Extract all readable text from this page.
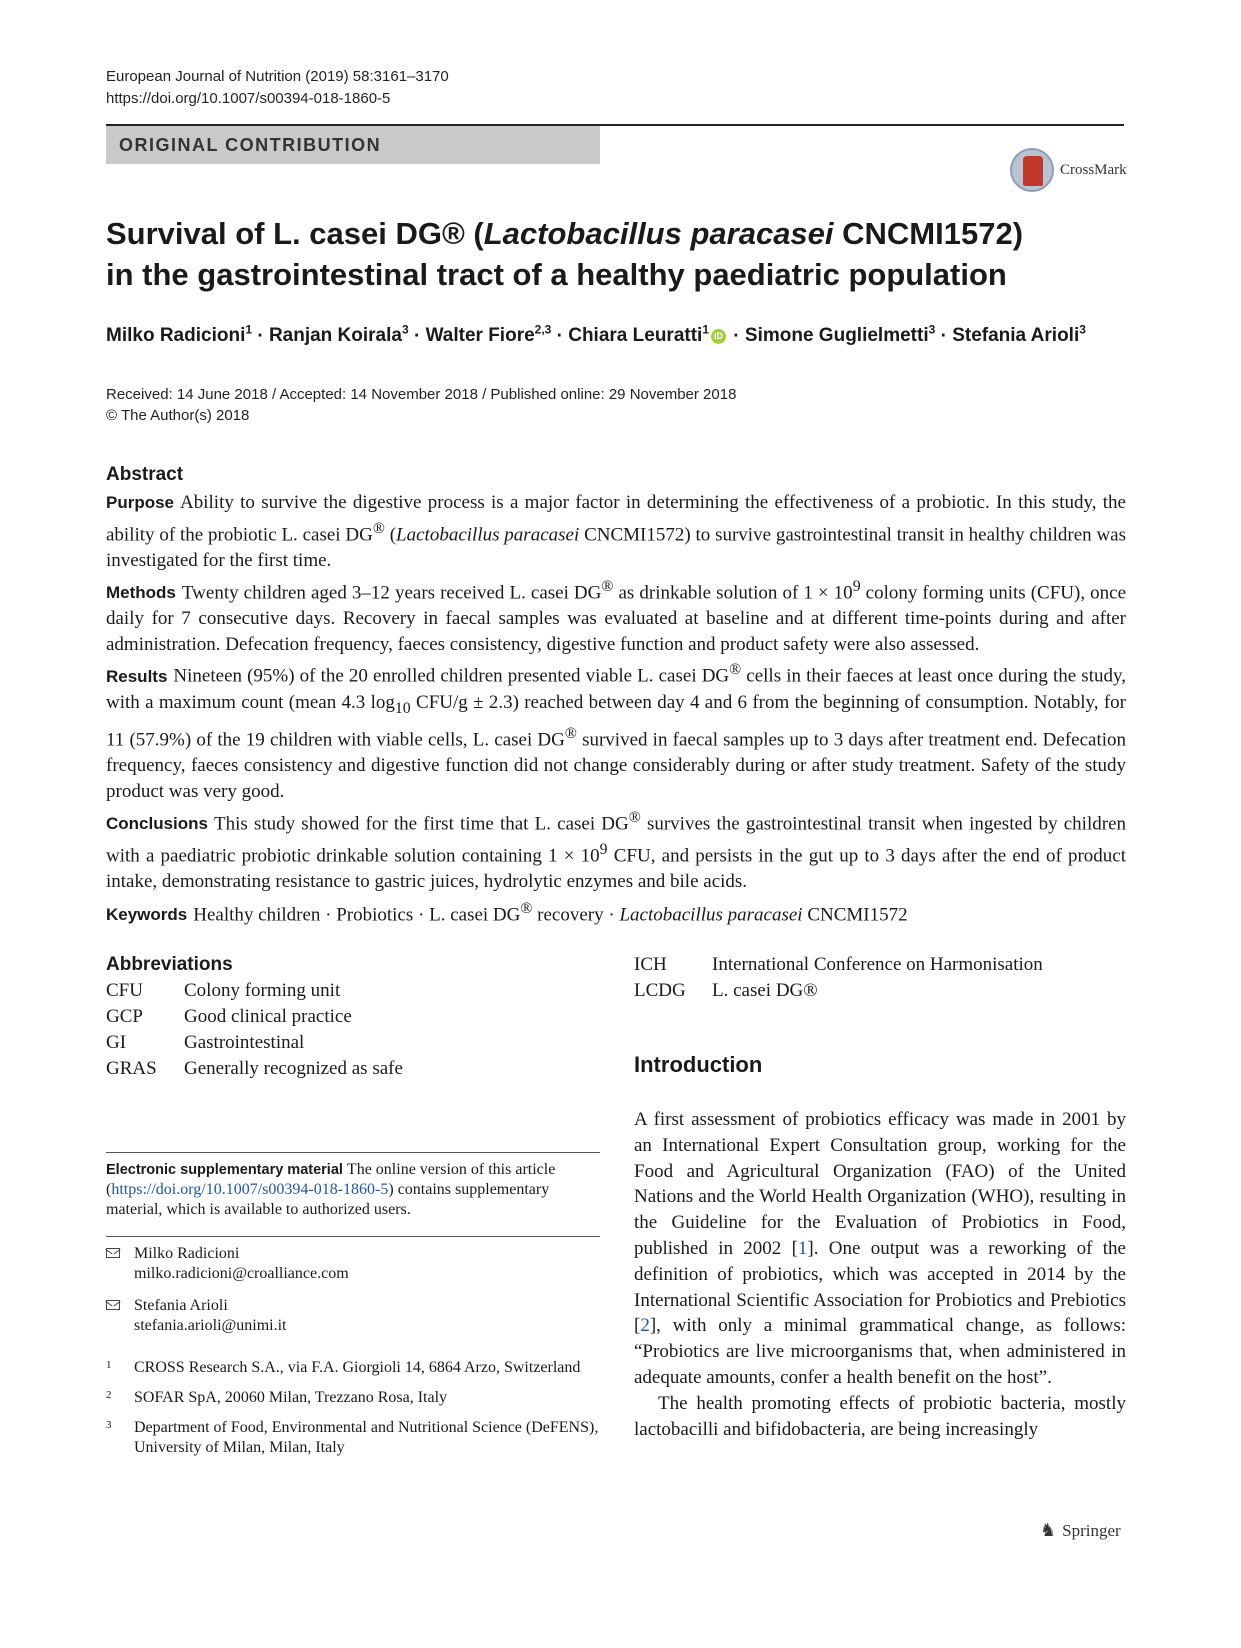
European Journal of Nutrition (2019) 58:3161–3170
https://doi.org/10.1007/s00394-018-1860-5
ORIGINAL CONTRIBUTION
CrossMark
Survival of L. casei DG® (Lactobacillus paracasei CNCMI1572)
in the gastrointestinal tract of a healthy paediatric population
Milko Radicioni$^1$ · Ranjan Koirala$^3$ · Walter Fiore$^{2,3}$ · Chiara Leuratti$^1$ iD · Simone Guglielmetti$^3$ · Stefania Arioli$^3$
Received: 14 June 2018 / Accepted: 14 November 2018 / Published online: 29 November 2018
© The Author(s) 2018
Abstract

Purpose Ability to survive the digestive process is a major factor in determining the effectiveness of a probiotic. In this study, the ability of the probiotic L. casei DG® (Lactobacillus paracasei CNCMI1572) to survive gastrointestinal transit in healthy children was investigated for the first time.

Methods Twenty children aged 3–12 years received L. casei DG® as drinkable solution of $1 \times 10^9$ colony forming units (CFU), once daily for 7 consecutive days. Recovery in faecal samples was evaluated at baseline and at different time-points during and after administration. Defecation frequency, faeces consistency, digestive function and product safety were also assessed.

Results Nineteen (95%) of the 20 enrolled children presented viable L. casei DG® cells in their faeces at least once during the study, with a maximum count (mean 4.3 $\log_{10} CFU/g \pm 2.3$) reached between day 4 and 6 from the beginning of consumption. Notably, for 11 (57.9%) of the 19 children with viable cells, L. casei DG® survived in faecal samples up to 3 days after treatment end. Defecation frequency, faeces consistency and digestive function did not change considerably during or after study treatment. Safety of the study product was very good.

Conclusions This study showed for the first time that L. casei DG® survives the gastrointestinal transit when ingested by children with a paediatric probiotic drinkable solution containing $1 \times 10^9$ CFU, and persists in the gut up to 3 days after the end of product intake, demonstrating resistance to gastric juices, hydrolytic enzymes and bile acids.

Keywords Healthy children · Probiotics · L. casei DG® recovery · Lactobacillus paracasei CNCMI1572
Abbreviations
CFU	Colony forming unit
GCP	Good clinical practice
GI	Gastrointestinal
GRAS	Generally recognized as safe
ICH	International Conference on Harmonisation
LCDG	L. casei DG®
Electronic supplementary material The online version of this article (https://doi.org/10.1007/s00394-018-1860-5) contains supplementary material, which is available to authorized users.
Milko Radicioni
milko.radicioni@croalliance.com
Stefania Arioli
stefania.arioli@unimi.it
1	CROSS Research S.A., via F.A. Giorgioli 14, 6864 Arzo, Switzerland
2	SOFAR SpA, 20060 Milan, Trezzano Rosa, Italy
3	Department of Food, Environmental and Nutritional Science (DeFENS), University of Milan, Milan, Italy
Introduction

A first assessment of probiotics efficacy was made in 2001 by an International Expert Consultation group, working for the Food and Agricultural Organization (FAO) of the United Nations and the World Health Organization (WHO), resulting in the Guideline for the Evaluation of Probiotics in Food, published in 2002 [1]. One output was a reworking of the definition of probiotics, which was accepted in 2014 by the International Scientific Association for Probiotics and Prebiotics [2], with only a minimal grammatical change, as follows: “Probiotics are live microorganisms that, when administered in adequate amounts, confer a health benefit on the host”.

The health promoting effects of probiotic bacteria, mostly lactobacilli and bifidobacteria, are being increasingly

♞ Springer
